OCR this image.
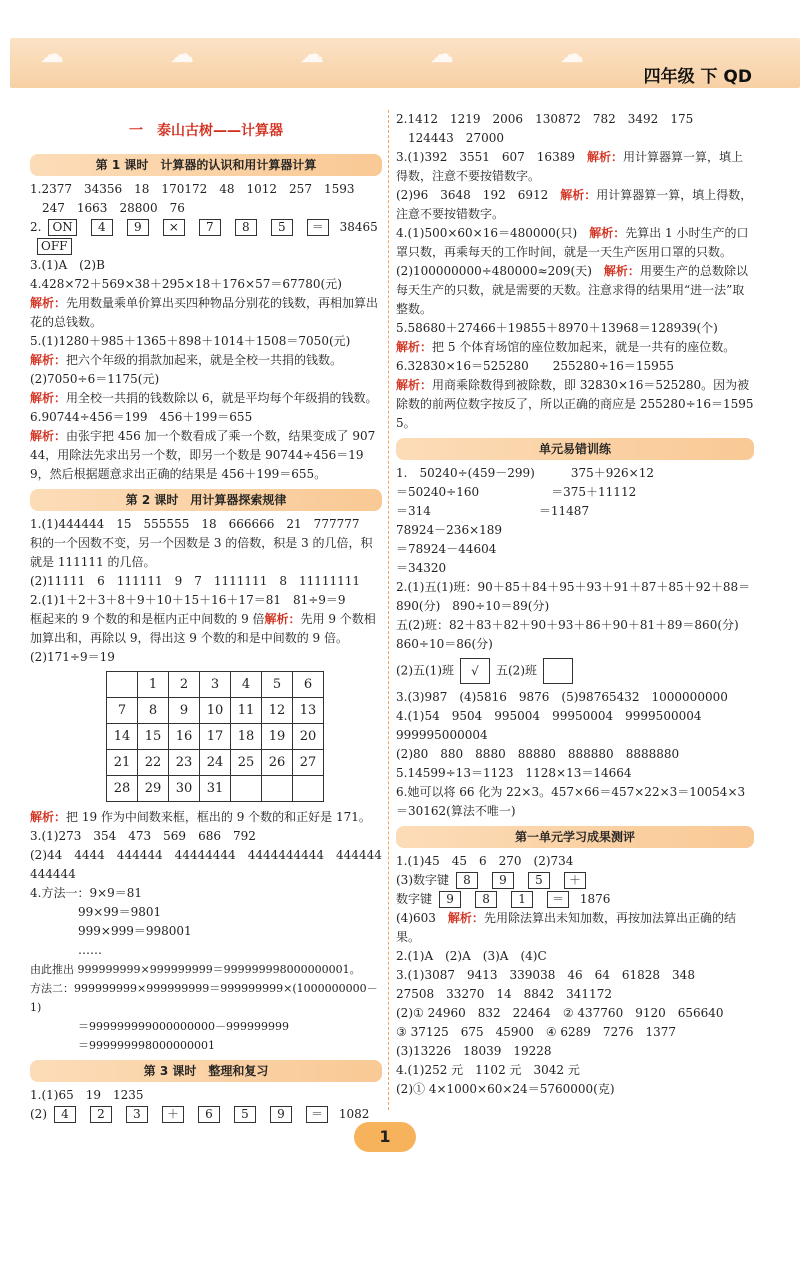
☁	☁	☁	☁	☁
四年级 下 QD
一　泰山古树——计算器
第 1 课时　计算器的认识和用计算器计算

1.2377　34356　18　170172　48　1012　257　1593

247　1663　28800　76

2. ON 4 9 × 7 8 5 ＝ 38465OFF

3.(1)A　(2)B

4.428×72＋569×38＋295×18＋176×57＝67780(元)

解析：先用数量乘单价算出买四种物品分别花的钱数，再相加算出花的总钱数。

5.(1)1280＋985＋1365＋898＋1014＋1508＝7050(元)

解析：把六个年级的捐款加起来，就是全校一共捐的钱数。

(2)7050÷6＝1175(元)

解析：用全校一共捐的钱数除以 6，就是平均每个年级捐的钱数。

6.90744÷456＝199　456＋199＝655

解析：由张宇把 456 加一个数看成了乘一个数，结果变成了 90744，用除法先求出另一个数，即另一个数是 90744÷456＝199，然后根据题意求出正确的结果是 456＋199＝655。

第 2 课时　用计算器探索规律

1.(1)444444　15　555555　18　666666　21　777777

积的一个因数不变，另一个因数是 3 的倍数，积是 3 的几倍，积就是 111111 的几倍。

(2)11111　6　111111　9　7　1111111　8　11111111

2.(1)1＋2＋3＋8＋9＋10＋15＋16＋17＝81　81÷9＝9

框起来的 9 个数的和是框内正中间数的 9 倍解析：先用 9 个数相加算出和，再除以 9，得出这 9 个数的和是中间数的 9 倍。

(2)171÷9＝19

	1	2	3	4	5	6
7	8	9	10	11	12	13
14	15	16	17	18	19	20
21	22	23	24	25	26	27
28	29	30	31			

解析：把 19 作为中间数来框，框出的 9 个数的和正好是 171。

3.(1)273　354　473　569　686　792

(2)44　4444　444444　44444444　4444444444　444444444444

4.方法一：9×9＝81

99×99＝9801

999×999＝998001

……

由此推出 999999999×999999999＝999999998000000001。

方法二：999999999×999999999＝999999999×(1000000000－1)

＝999999999000000000－999999999

＝999999998000000001

第 3 课时　整理和复习

1.(1)65　19　1235

(2) 4 2 3 ＋ 6 5 9 ＝ 1082

2.1412　1219　2006　130872　782　3492　175

124443　27000

3.(1)392　3551　607　16389　 解析：用计算器算一算，填上得数，注意不要按错数字。

(2)96　3648　192　6912　 解析：用计算器算一算，填上得数，注意不要按错数字。

4.(1)500×60×16＝480000(只)　 解析：先算出 1 小时生产的口罩只数，再乘每天的工作时间，就是一天生产医用口罩的只数。

(2)100000000÷480000≈209(天)　 解析：用要生产的总数除以每天生产的只数，就是需要的天数。注意求得的结果用“进一法”取整数。

5.58680＋27466＋19855＋8970＋13968＝128939(个)

解析：把 5 个体育场馆的座位数加起来，就是一共有的座位数。

6.32830×16＝525280　　255280÷16＝15955

解析：用商乘除数得到被除数，即 32830×16＝525280。因为被除数的前两位数字按反了，所以正确的商应是 255280÷16＝15955。

单元易错训练

1.　50240÷(459－299)　　　375＋926×12

＝50240÷160　　　　　　＝375＋11112

＝314　　　　　　　　　＝11487

78924－236×189

＝78924－44604

＝34320

2.(1)五(1)班：90＋85＋84＋95＋93＋91＋87＋85＋92＋88＝890(分)　890÷10＝89(分)

五(2)班：82＋83＋82＋90＋93＋86＋90＋81＋89＝860(分)　860÷10＝86(分)

(2)五(1)班 √ 五(2)班

3.(3)987　(4)5816　9876　(5)98765432　1000000000

4.(1)54　9504　995004　99950004　9999500004

999995000004

(2)80　880　8880　88880　888880　8888880

5.14599÷13＝1123　1128×13＝14664

6.她可以将 66 化为 22×3。457×66＝457×22×3＝10054×3＝30162(算法不唯一)

第一单元学习成果测评

1.(1)45　45　6　270　(2)734

(3)数字键 8 9 5 ＋

数字键 9 8 1 ＝ 1876

(4)603　 解析：先用除法算出未知加数，再按加法算出正确的结果。

2.(1)A　(2)A　(3)A　(4)C

3.(1)3087　9413　339038　46　64　61828　348

27508　33270　14　8842　341172

(2)① 24960　832　22464　② 437760　9120　656640

③ 37125　675　45900　④ 6289　7276　1377

(3)13226　18039　19228

4.(1)252 元　1102 元　3042 元

(2)① 4×1000×60×24＝5760000(克)

1
